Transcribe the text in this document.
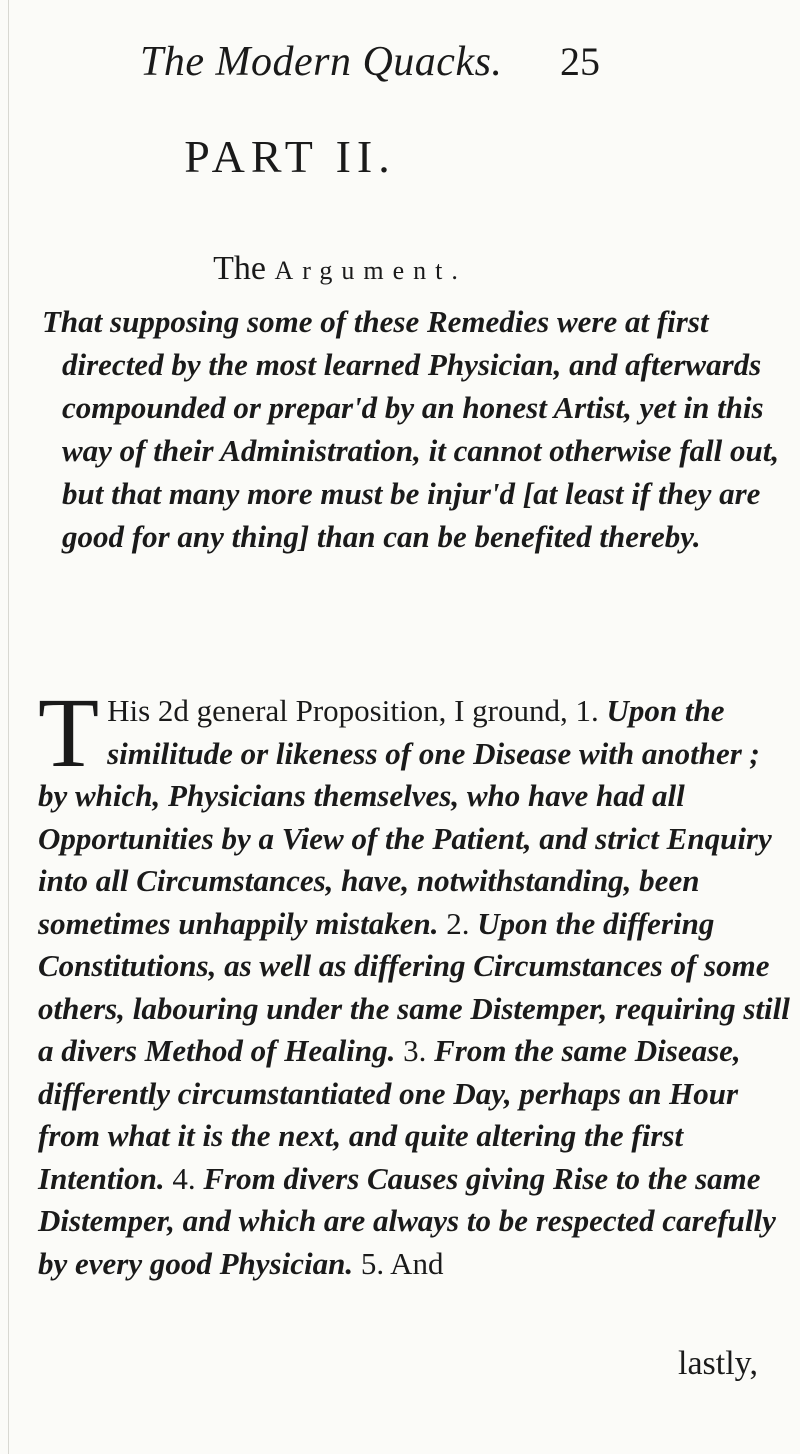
The Modern Quacks. 25
PART II.
The Argument.
That supposing some of these Remedies were at first directed by the most learned Physician, and afterwards compounded or prepar'd by an honest Artist, yet in this way of their Administration, it cannot otherwise fall out, but that many more must be injur'd [at least if they are good for any thing] than can be benefited thereby.
T His 2d general Proposition, I ground, 1. Upon the similitude or likeness of one Disease with another ; by which, Physicians themselves, who have had all Opportunities by a View of the Patient, and strict Enquiry into all Circumstances, have, notwithstanding, been sometimes unhappily mistaken. 2. Upon the differing Constitutions, as well as differing Circumstances of some others, labouring under the same Distemper, requiring still a divers Method of Healing. 3. From the same Disease, differently circumstantiated one Day, perhaps an Hour from what it is the next, and quite altering the first Intention. 4. From divers Causes giving Rise to the same Distemper, and which are always to be respected carefully by every good Physician. 5. And
lastly,
